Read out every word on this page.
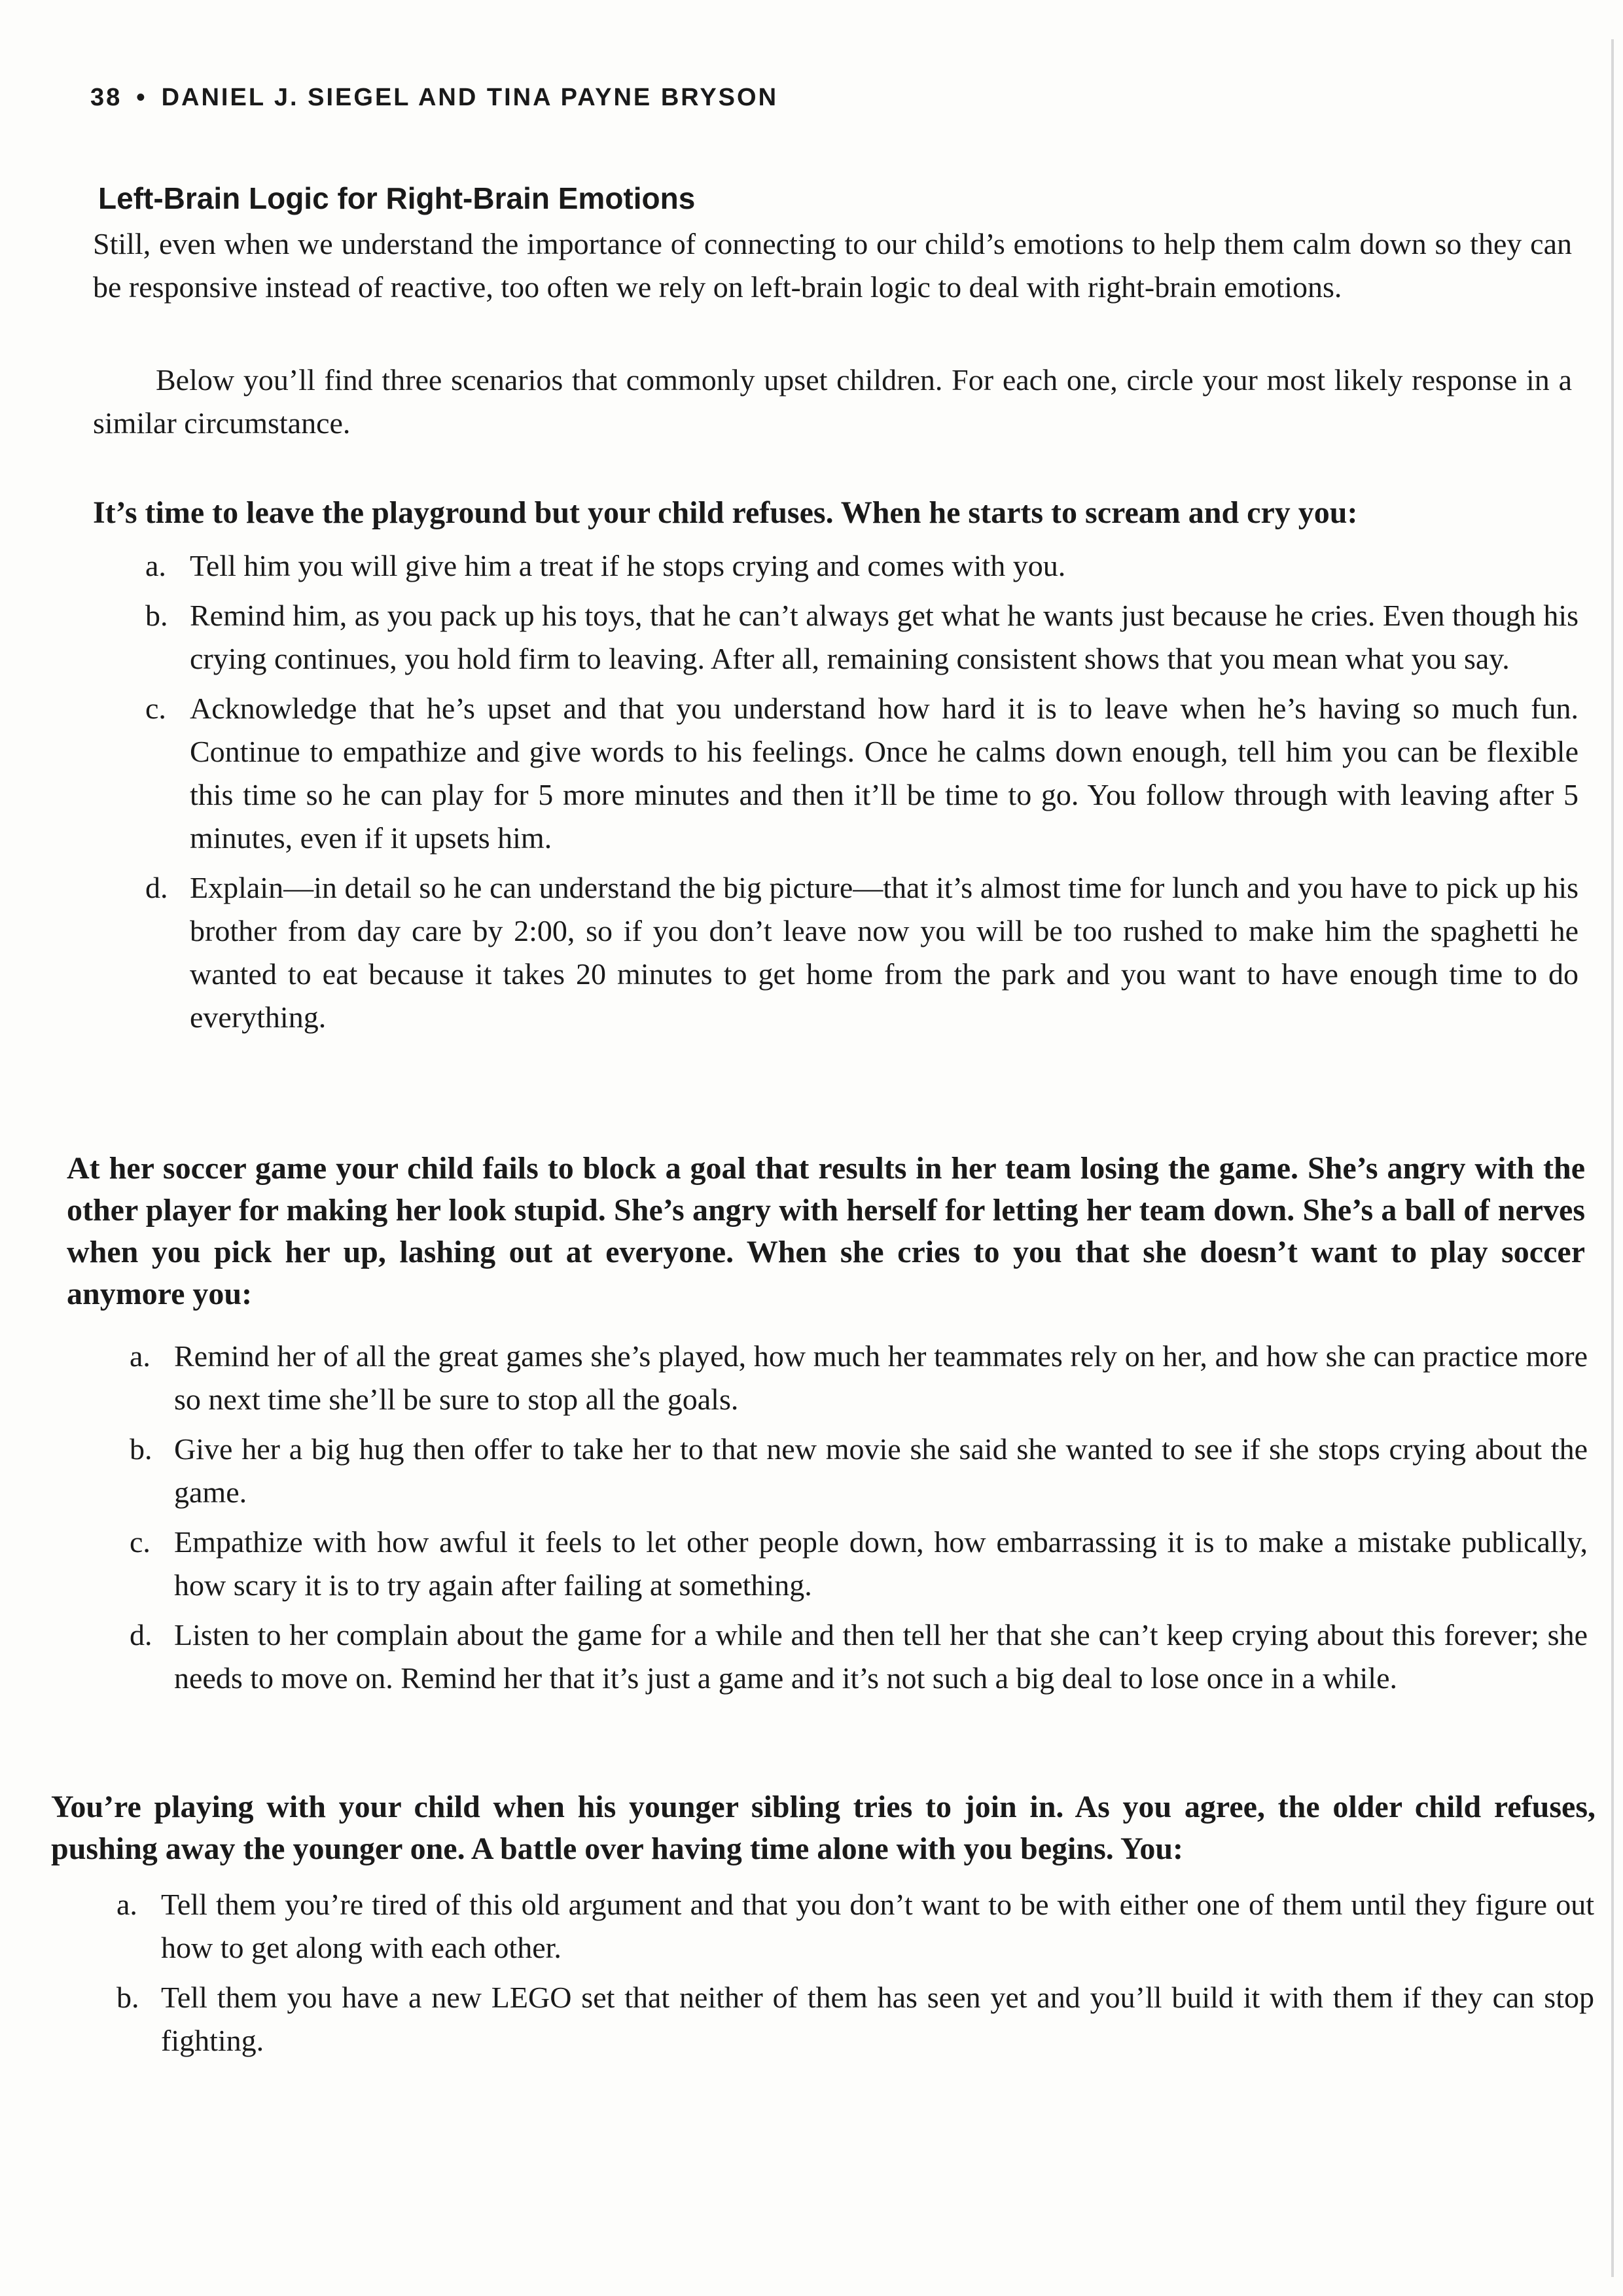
38 • DANIEL J. SIEGEL AND TINA PAYNE BRYSON
Left-Brain Logic for Right-Brain Emotions

Still, even when we understand the importance of connecting to our child’s emotions to help them calm down so they can be responsive instead of reactive, too often we rely on left-brain logic to deal with right-brain emotions.

Below you’ll find three scenarios that commonly upset children. For each one, circle your most likely response in a similar circumstance.

It’s time to leave the playground but your child refuses. When he starts to scream and cry you:

a. Tell him you will give him a treat if he stops crying and comes with you.
b. Remind him, as you pack up his toys, that he can’t always get what he wants just because he cries. Even though his crying continues, you hold firm to leaving. After all, remaining consistent shows that you mean what you say.
c. Acknowledge that he’s upset and that you understand how hard it is to leave when he’s having so much fun. Continue to empathize and give words to his feelings. Once he calms down enough, tell him you can be flexible this time so he can play for 5 more minutes and then it’ll be time to go. You follow through with leaving after 5 minutes, even if it upsets him.
d. Explain—in detail so he can understand the big picture—that it’s almost time for lunch and you have to pick up his brother from day care by 2:00, so if you don’t leave now you will be too rushed to make him the spaghetti he wanted to eat because it takes 20 minutes to get home from the park and you want to have enough time to do everything.

At her soccer game your child fails to block a goal that results in her team losing the game. She’s angry with the other player for making her look stupid. She’s angry with herself for letting her team down. She’s a ball of nerves when you pick her up, lashing out at everyone. When she cries to you that she doesn’t want to play soccer anymore you:

a. Remind her of all the great games she’s played, how much her teammates rely on her, and how she can practice more so next time she’ll be sure to stop all the goals.
b. Give her a big hug then offer to take her to that new movie she said she wanted to see if she stops crying about the game.
c. Empathize with how awful it feels to let other people down, how embarrassing it is to make a mistake publically, how scary it is to try again after failing at something.
d. Listen to her complain about the game for a while and then tell her that she can’t keep crying about this forever; she needs to move on. Remind her that it’s just a game and it’s not such a big deal to lose once in a while.

You’re playing with your child when his younger sibling tries to join in. As you agree, the older child refuses, pushing away the younger one. A battle over having time alone with you begins. You:

a. Tell them you’re tired of this old argument and that you don’t want to be with either one of them until they figure out how to get along with each other.
b. Tell them you have a new LEGO set that neither of them has seen yet and you’ll build it with them if they can stop fighting.
